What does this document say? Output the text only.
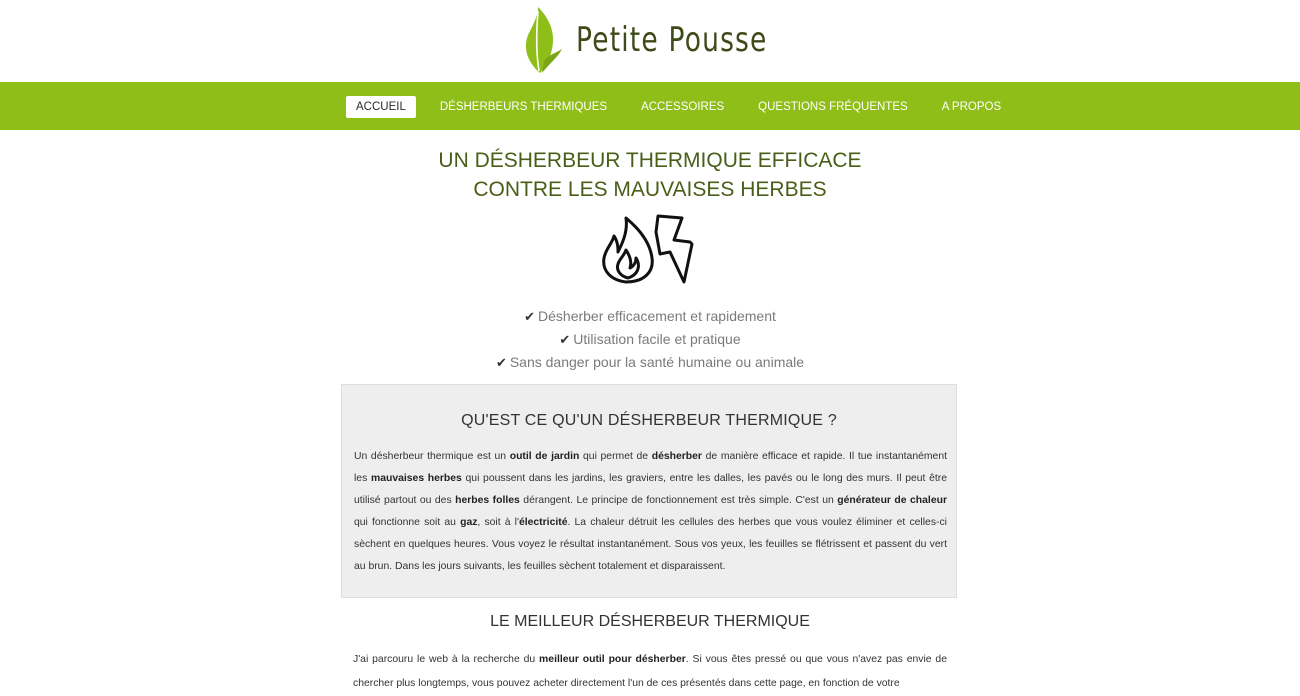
Petite Pousse
ACCUEIL	DÉSHERBEURS THERMIQUES	ACCESSOIRES	QUESTIONS FRÉQUENTES	A PROPOS
UN DÉSHERBEUR THERMIQUE EFFICACE
CONTRE LES MAUVAISES HERBES
✔ Désherber efficacement et rapidement
✔ Utilisation facile et pratique
✔ Sans danger pour la santé humaine ou animale
QU'EST CE QU'UN DÉSHERBEUR THERMIQUE ?

Un désherbeur thermique est un outil de jardin qui permet de désherber de manière efficace et rapide. Il tue instantanément les mauvaises herbes qui poussent dans les jardins, les graviers, entre les dalles, les pavés ou le long des murs. Il peut être utilisé partout ou des herbes folles dérangent. Le principe de fonctionnement est très simple. C'est un générateur de chaleur qui fonctionne soit au gaz, soit à l'électricité. La chaleur détruit les cellules des herbes que vous voulez éliminer et celles-ci sèchent en quelques heures. Vous voyez le résultat instantanément. Sous vos yeux, les feuilles se flétrissent et passent du vert au brun. Dans les jours suivants, les feuilles sèchent totalement et disparaissent.

LE MEILLEUR DÉSHERBEUR THERMIQUE

J'ai parcouru le web à la recherche du meilleur outil pour désherber. Si vous êtes pressé ou que vous n'avez pas envie de chercher plus longtemps, vous pouvez acheter directement l'un de ces présentés dans cette page, en fonction de votre
